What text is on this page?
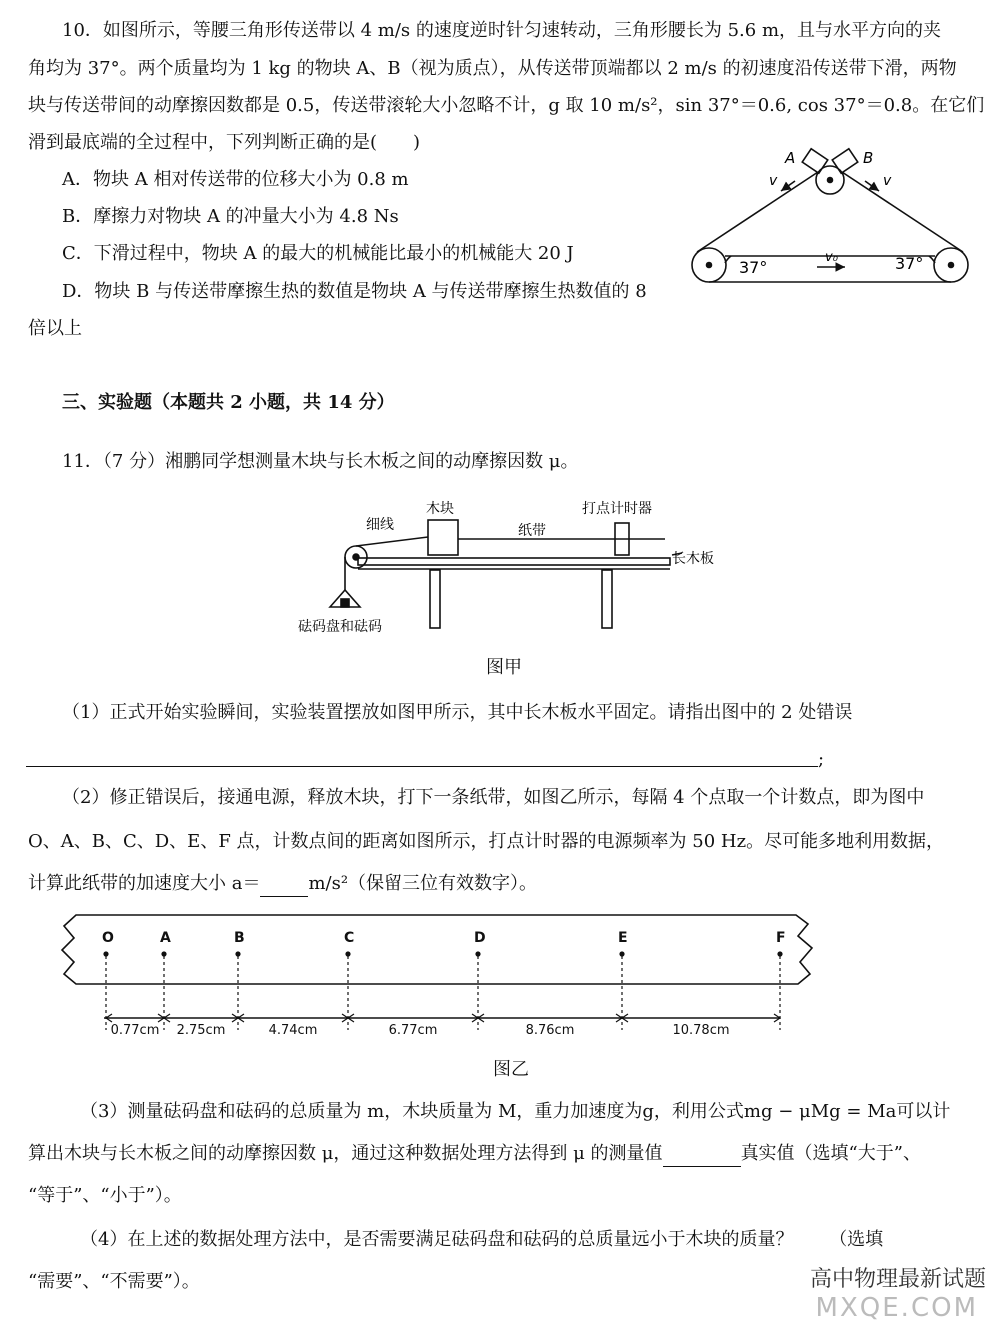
10．如图所示，等腰三角形传送带以 4 m/s 的速度逆时针匀速转动，三角形腰长为 5.6 m，且与水平方向的夹
角均为 37°。两个质量均为 1 kg 的物块 A、B（视为质点），从传送带顶端都以 2 m/s 的初速度沿传送带下滑，两物
块与传送带间的动摩擦因数都是 0.5，传送带滚轮大小忽略不计，g 取 10 m/s²，sin 37°＝0.6, cos 37°＝0.8。在它们
滑到最底端的全过程中，下列判断正确的是(　　)
A．物块 A 相对传送带的位移大小为 0.8 m
B．摩擦力对物块 A 的冲量大小为 4.8 Ns
C．下滑过程中，物块 A 的最大的机械能比最小的机械能大 20 J
D．物块 B 与传送带摩擦生热的数值是物块 A 与传送带摩擦生热数值的 8
倍以上
A	B
v	v
37°	37°
v₀
三、实验题（本题共 2 小题，共 14 分）
11．（7 分）湘鹏同学想测量木块与长木板之间的动摩擦因数 μ。
细线
木块	打点计时器
纸带
长木板
砝码盘和砝码
图甲
（1）正式开始实验瞬间，实验装置摆放如图甲所示，其中长木板水平固定。请指出图中的 2 处错误
;
（2）修正错误后，接通电源，释放木块，打下一条纸带，如图乙所示，每隔 4 个点取一个计数点，即为图中
O、A、B、C、D、E、F 点，计数点间的距离如图所示，打点计时器的电源频率为 50 Hz。尽可能多地利用数据，
计算此纸带的加速度大小 a＝	m/s²（保留三位有效数字）。
O	A	B	C	D	E	F
0.77cm 2.75cm	4.74cm	6.77cm	8.76cm	10.78cm
图乙
（3）测量砝码盘和砝码的总质量为 m，木块质量为 M，重力加速度为g，利用公式mg − μMg = Ma可以计
算出木块与长木板之间的动摩擦因数 μ，通过这种数据处理方法得到 μ 的测量值	真实值（选填“大于”、
“等于”、“小于”）。
（4）在上述的数据处理方法中，是否需要满足砝码盘和砝码的总质量远小于木块的质量？ （选填
“需要”、“不需要”）。	高中物理最新试题
MXQE.COM
